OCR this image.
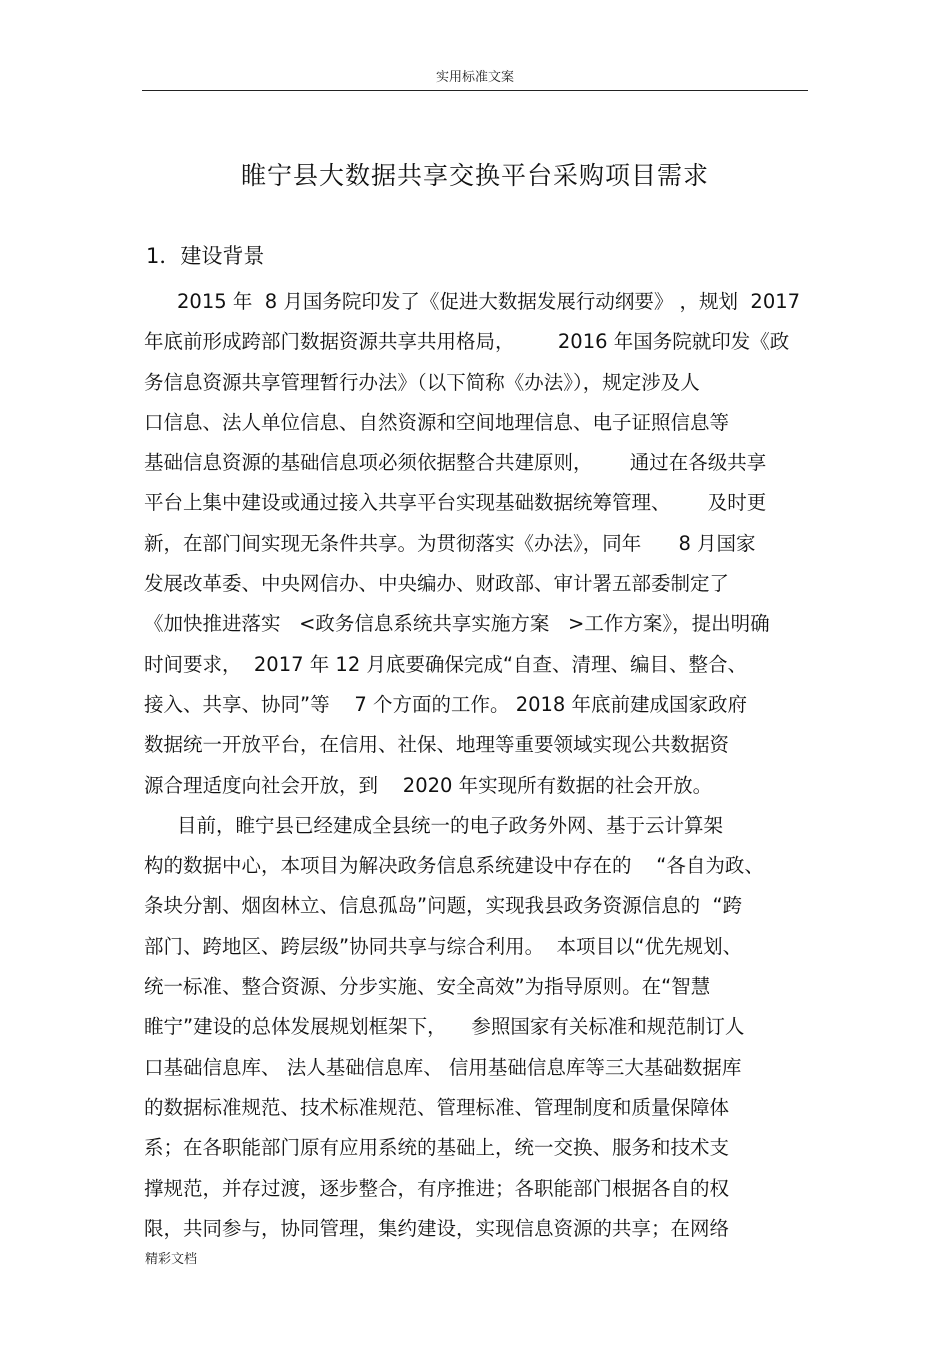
实用标准文案
睢宁县大数据共享交换平台采购项目需求
1．建设背景
2015 年  8 月国务院印发了《促进大数据发展行动纲要》 ，规划  2017
年底前形成跨部门数据资源共享共用格局，       2016 年国务院就印发《政
务信息资源共享管理暂行办法》（以下简称《办法》），规定涉及人
口信息、法人单位信息、自然资源和空间地理信息、电子证照信息等
基础信息资源的基础信息项必须依据整合共建原则，      通过在各级共享
平台上集中建设或通过接入共享平台实现基础数据统筹管理、      及时更
新，在部门间实现无条件共享。为贯彻落实《办法》，同年      8 月国家
发展改革委、中央网信办、中央编办、财政部、审计署五部委制定了
《加快推进落实   <政务信息系统共享实施方案   >工作方案》，提出明确
时间要求，  2017 年 12 月底要确保完成“自查、清理、编目、整合、
接入、共享、协同”等    7 个方面的工作。 2018 年底前建成国家政府
数据统一开放平台，在信用、社保、地理等重要领域实现公共数据资
源合理适度向社会开放，到    2020 年实现所有数据的社会开放。
目前，睢宁县已经建成全县统一的电子政务外网、基于云计算架
构的数据中心，本项目为解决政务信息系统建设中存在的    “各自为政、
条块分割、烟囱林立、信息孤岛”问题，实现我县政务资源信息的  “跨
部门、跨地区、跨层级”协同共享与综合利用。  本项目以“优先规划、
统一标准、整合资源、分步实施、安全高效”为指导原则。在“智慧
睢宁”建设的总体发展规划框架下，    参照国家有关标准和规范制订人
口基础信息库、 法人基础信息库、 信用基础信息库等三大基础数据库
的数据标准规范、技术标准规范、管理标准、管理制度和质量保障体
系；在各职能部门原有应用系统的基础上，统一交换、服务和技术支
撑规范，并存过渡，逐步整合，有序推进；各职能部门根据各自的权
限，共同参与，协同管理，集约建设，实现信息资源的共享；在网络
精彩文档
